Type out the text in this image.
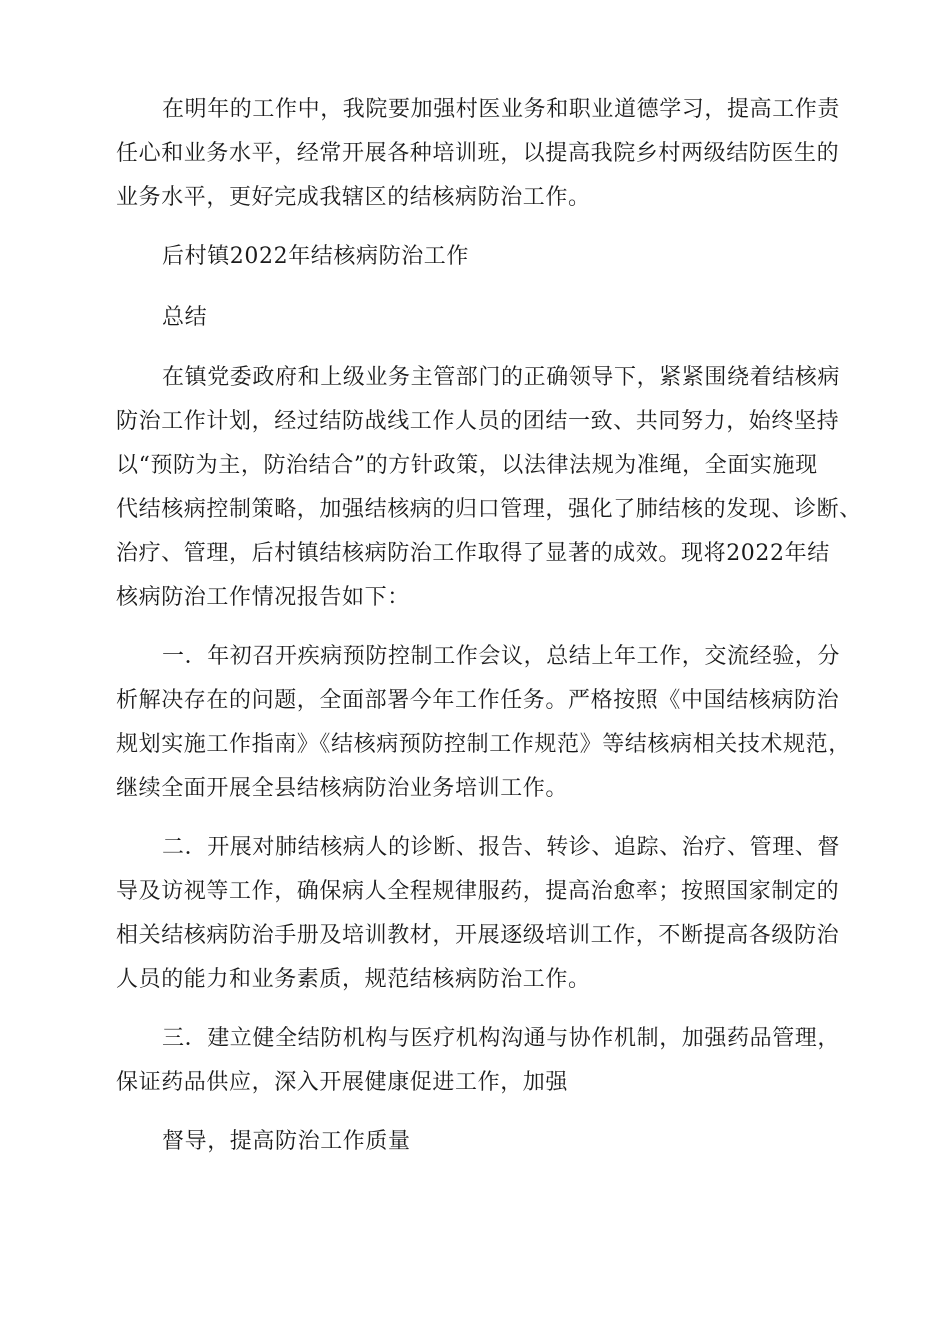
在明年的工作中，我院要加强村医业务和职业道德学习，提高工作责
任心和业务水平，经常开展各种培训班，以提高我院乡村两级结防医生的
业务水平，更好完成我辖区的结核病防治工作。
后村镇2022年结核病防治工作
总结
在镇党委政府和上级业务主管部门的正确领导下，紧紧围绕着结核病
防治工作计划，经过结防战线工作人员的团结一致、共同努力，始终坚持
以“预防为主，防治结合”的方针政策，以法律法规为准绳，全面实施现
代结核病控制策略，加强结核病的归口管理，强化了肺结核的发现、诊断、
治疗、管理，后村镇结核病防治工作取得了显著的成效。现将2022年结
核病防治工作情况报告如下：
一．年初召开疾病预防控制工作会议，总结上年工作，交流经验，分
析解决存在的问题，全面部署今年工作任务。严格按照《中国结核病防治
规划实施工作指南》《结核病预防控制工作规范》等结核病相关技术规范，
继续全面开展全县结核病防治业务培训工作。
二．开展对肺结核病人的诊断、报告、转诊、追踪、治疗、管理、督
导及访视等工作，确保病人全程规律服药，提高治愈率；按照国家制定的
相关结核病防治手册及培训教材，开展逐级培训工作，不断提高各级防治
人员的能力和业务素质，规范结核病防治工作。
三．建立健全结防机构与医疗机构沟通与协作机制，加强药品管理，
保证药品供应，深入开展健康促进工作，加强
督导，提高防治工作质量
